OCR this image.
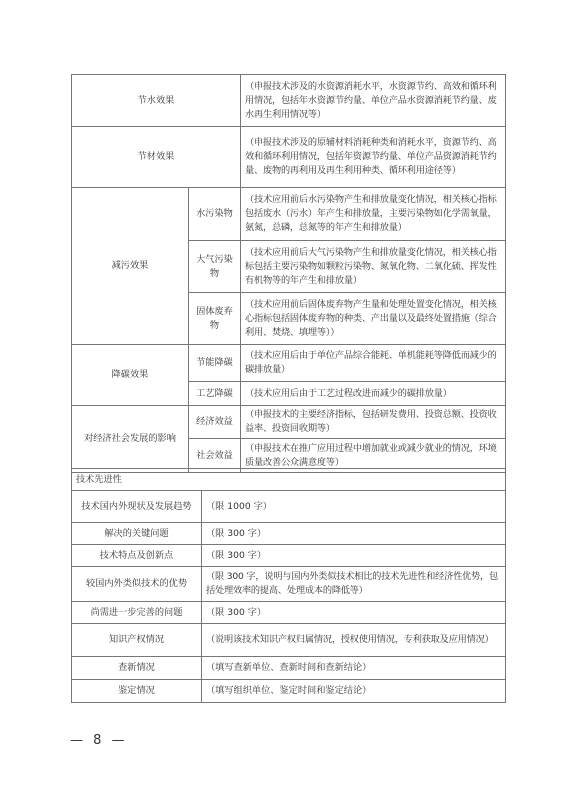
节水效果		（申报技术涉及的水资源消耗水平，水资源节约、高效和循环利用情况，包括年水资源节约量、单位产品水资源消耗节约量、废水再生利用情况等）
节材效果		（申报技术涉及的原辅材料消耗种类和消耗水平，资源节约、高效和循环利用情况，包括年资源节约量、单位产品资源消耗节约量、废物的再利用及再生利用种类、循环利用途径等）
减污效果	水污染物	（技术应用前后水污染物产生和排放量变化情况，相关核心指标包括废水（污水）年产生和排放量，主要污染物如化学需氧量，氨氮，总磷，总氮等的年产生和排放量）
	大气污染物	（技术应用前后大气污染物产生和排放量变化情况，相关核心指标包括主要污染物如颗粒污染物、氮氧化物、二氧化硫、挥发性有机物等的年产生和排放量）
	固体废弃物	（技术应用前后固体废弃物产生量和处理处置变化情况，相关核心指标包括固体废弃物的种类、产出量以及最终处置措施（综合利用、焚烧、填埋等））
降碳效果	节能降碳	（技术应用后由于单位产品综合能耗、单机能耗等降低而减少的碳排放量）
	工艺降碳	（技术应用后由于工艺过程改进而减少的碳排放量）
对经济社会发展的影响	经济效益	（申报技术的主要经济指标，包括研发费用、投资总额、投资收益率、投资回收期等）
	社会效益	（申报技术在推广应用过程中增加就业或减少就业的情况，环境质量改善公众满意度等）
技术先进性	
技术国内外现状及发展趋势	（限 1000 字）
解决的关键问题	（限 300 字）
技术特点及创新点	（限 300 字）
较国内外类似技术的优势	（限 300 字，说明与国内外类似技术相比的技术先进性和经济性优势，包括处理效率的提高、处理成本的降低等）
尚需进一步完善的问题	（限 300 字）
知识产权情况	（说明该技术知识产权归属情况，授权使用情况，专利获取及应用情况）
查新情况	（填写查新单位、查新时间和查新结论）
鉴定情况	（填写组织单位、鉴定时间和鉴定结论）
— 8 —
